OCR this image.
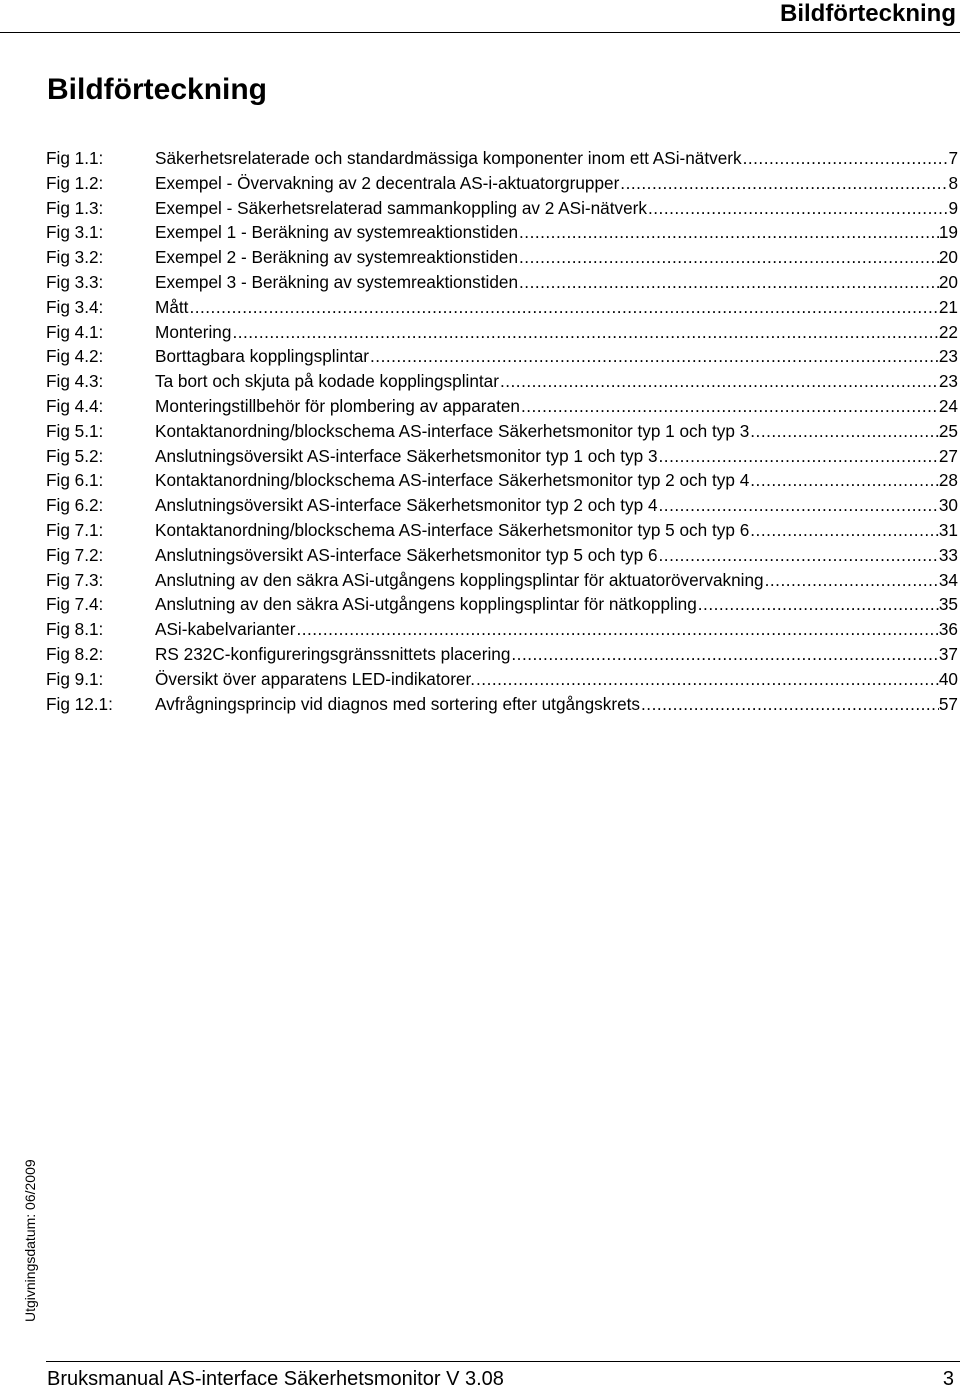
Bildförteckning
Bildförteckning
Fig 1.1:	Säkerhetsrelaterade och standardmässiga komponenter inom ett ASi-nätverk .....	7
Fig 1.2:	Exempel - Övervakning av 2 decentrala AS-i-aktuatorgrupper .....	8
Fig 1.3:	Exempel - Säkerhetsrelaterad sammankoppling av 2 ASi-nätverk .....	9
Fig 3.1:	Exempel 1 - Beräkning av systemreaktionstiden .....	19
Fig 3.2:	Exempel 2 - Beräkning av systemreaktionstiden .....	20
Fig 3.3:	Exempel 3 - Beräkning av systemreaktionstiden .....	20
Fig 3.4:	Mått .....	21
Fig 4.1:	Montering .....	22
Fig 4.2:	Borttagbara kopplingsplintar .....	23
Fig 4.3:	Ta bort och skjuta på kodade kopplingsplintar .....	23
Fig 4.4:	Monteringstillbehör för plombering av apparaten .....	24
Fig 5.1:	Kontaktanordning/blockschema AS-interface Säkerhetsmonitor typ 1 och typ 3 .....	25
Fig 5.2:	Anslutningsöversikt AS-interface Säkerhetsmonitor typ 1 och typ 3 .....	27
Fig 6.1:	Kontaktanordning/blockschema AS-interface Säkerhetsmonitor typ 2 och typ 4 .....	28
Fig 6.2:	Anslutningsöversikt AS-interface Säkerhetsmonitor typ 2 och typ 4 .....	30
Fig 7.1:	Kontaktanordning/blockschema AS-interface Säkerhetsmonitor typ 5 och typ 6 .....	31
Fig 7.2:	Anslutningsöversikt AS-interface Säkerhetsmonitor typ 5 och typ 6 .....	33
Fig 7.3:	Anslutning av den säkra ASi-utgångens kopplingsplintar för aktuatorövervakning .....	34
Fig 7.4:	Anslutning av den säkra ASi-utgångens kopplingsplintar för nätkoppling .....	35
Fig 8.1:	ASi-kabelvarianter .....	36
Fig 8.2:	RS 232C-konfigureringsgränssnittets placering .....	37
Fig 9.1:	Översikt över apparatens LED-indikatorer. .....	40
Fig 12.1:	Avfrågningsprincip vid diagnos med sortering efter utgångskrets .....	57
Utgivningsdatum: 06/2009
Bruksmanual AS-interface Säkerhetsmonitor V 3.08	3
